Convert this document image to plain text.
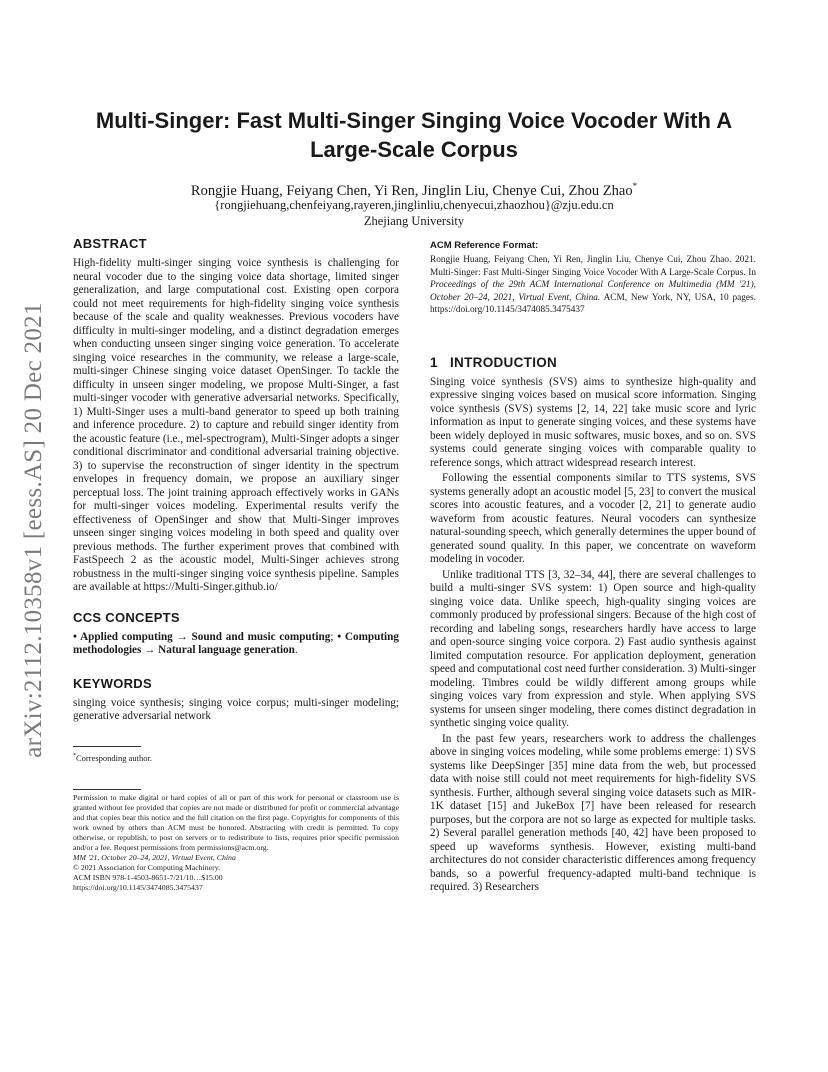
arXiv:2112.10358v1 [eess.AS] 20 Dec 2021
Multi-Singer: Fast Multi-Singer Singing Voice Vocoder With A Large-Scale Corpus
Rongjie Huang, Feiyang Chen, Yi Ren, Jinglin Liu, Chenye Cui, Zhou Zhao*
{rongjiehuang,chenfeiyang,rayeren,jinglinliu,chenyecui,zhaozhou}@zju.edu.cn
Zhejiang University
ABSTRACT

High-fidelity multi-singer singing voice synthesis is challenging for neural vocoder due to the singing voice data shortage, limited singer generalization, and large computational cost. Existing open corpora could not meet requirements for high-fidelity singing voice synthesis because of the scale and quality weaknesses. Previous vocoders have difficulty in multi-singer modeling, and a distinct degradation emerges when conducting unseen singer singing voice generation. To accelerate singing voice researches in the community, we release a large-scale, multi-singer Chinese singing voice dataset OpenSinger. To tackle the difficulty in unseen singer modeling, we propose Multi-Singer, a fast multi-singer vocoder with generative adversarial networks. Specifically, 1) Multi-Singer uses a multi-band generator to speed up both training and inference procedure. 2) to capture and rebuild singer identity from the acoustic feature (i.e., mel-spectrogram), Multi-Singer adopts a singer conditional discriminator and conditional adversarial training objective. 3) to supervise the reconstruction of singer identity in the spectrum envelopes in frequency domain, we propose an auxiliary singer perceptual loss. The joint training approach effectively works in GANs for multi-singer voices modeling. Experimental results verify the effectiveness of OpenSinger and show that Multi-Singer improves unseen singer singing voices modeling in both speed and quality over previous methods. The further experiment proves that combined with FastSpeech 2 as the acoustic model, Multi-Singer achieves strong robustness in the multi-singer singing voice synthesis pipeline. Samples are available at https://Multi-Singer.github.io/

CCS CONCEPTS

• Applied computing → Sound and music computing; • Computing methodologies → Natural language generation.

KEYWORDS

singing voice synthesis; singing voice corpus; multi-singer modeling; generative adversarial network

*Corresponding author.
Permission to make digital or hard copies of all or part of this work for personal or classroom use is granted without fee provided that copies are not made or distributed for profit or commercial advantage and that copies bear this notice and the full citation on the first page. Copyrights for components of this work owned by others than ACM must be honored. Abstracting with credit is permitted. To copy otherwise, or republish, to post on servers or to redistribute to lists, requires prior specific permission and/or a fee. Request permissions from permissions@acm.org.
MM '21, October 20–24, 2021, Virtual Event, China
© 2021 Association for Computing Machinery.
ACM ISBN 978-1-4503-8651-7/21/10…$15.00
https://doi.org/10.1145/3474085.3475437
ACM Reference Format:

Rongjie Huang, Feiyang Chen, Yi Ren, Jinglin Liu, Chenye Cui, Zhou Zhao. 2021. Multi-Singer: Fast Multi-Singer Singing Voice Vocoder With A Large-Scale Corpus. In Proceedings of the 29th ACM International Conference on Multimedia (MM '21), October 20–24, 2021, Virtual Event, China. ACM, New York, NY, USA, 10 pages. https://doi.org/10.1145/3474085.3475437

1 INTRODUCTION

Singing voice synthesis (SVS) aims to synthesize high-quality and expressive singing voices based on musical score information. Singing voice synthesis (SVS) systems [2, 14, 22] take music score and lyric information as input to generate singing voices, and these systems have been widely deployed in music softwares, music boxes, and so on. SVS systems could generate singing voices with comparable quality to reference songs, which attract widespread research interest.

Following the essential components similar to TTS systems, SVS systems generally adopt an acoustic model [5, 23] to convert the musical scores into acoustic features, and a vocoder [2, 21] to generate audio waveform from acoustic features. Neural vocoders can synthesize natural-sounding speech, which generally determines the upper bound of generated sound quality. In this paper, we concentrate on waveform modeling in vocoder.

Unlike traditional TTS [3, 32–34, 44], there are several challenges to build a multi-singer SVS system: 1) Open source and high-quality singing voice data. Unlike speech, high-quality singing voices are commonly produced by professional singers. Because of the high cost of recording and labeling songs, researchers hardly have access to large and open-source singing voice corpora. 2) Fast audio synthesis against limited computation resource. For application deployment, generation speed and computational cost need further consideration. 3) Multi-singer modeling. Timbres could be wildly different among groups while singing voices vary from expression and style. When applying SVS systems for unseen singer modeling, there comes distinct degradation in synthetic singing voice quality.

In the past few years, researchers work to address the challenges above in singing voices modeling, while some problems emerge: 1) SVS systems like DeepSinger [35] mine data from the web, but processed data with noise still could not meet requirements for high-fidelity SVS synthesis. Further, although several singing voice datasets such as MIR-1K dataset [15] and JukeBox [7] have been released for research purposes, but the corpora are not so large as expected for multiple tasks. 2) Several parallel generation methods [40, 42] have been proposed to speed up waveforms synthesis. However, existing multi-band architectures do not consider characteristic differences among frequency bands, so a powerful frequency-adapted multi-band technique is required. 3) Researchers
